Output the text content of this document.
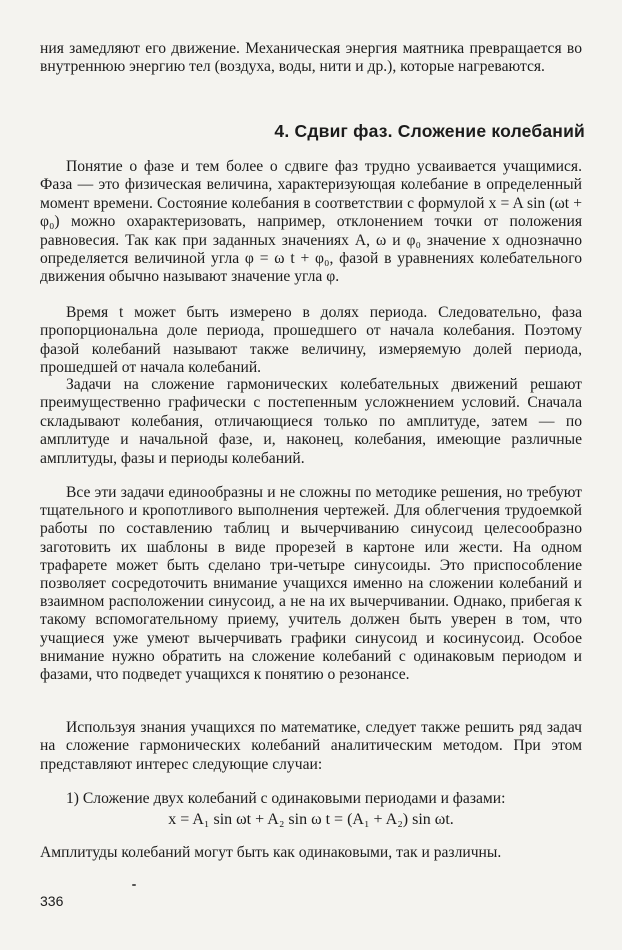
ния замедляют его движение. Механическая энергия маятника превращается во внутреннюю энергию тел (воздуха, воды, нити и др.), которые нагреваются.

4. Сдвиг фаз. Сложение колебаний

Понятие о фазе и тем более о сдвиге фаз трудно усваивается учащимися. Фаза — это физическая величина, характеризующая колебание в определенный момент времени. Состояние колебания в соответствии с формулой x = A sin (ωt + φ₀) можно охарактеризовать, например, отклонением точки от положения равновесия. Так как при заданных значениях A, ω и φ₀ значение x однозначно определяется величиной угла φ = ω t + φ₀, фазой в уравнениях колебательного движения обычно называют значение угла φ.

Время t может быть измерено в долях периода. Следовательно, фаза пропорциональна доле периода, прошедшего от начала колебания. Поэтому фазой колебаний называют также величину, измеряемую долей периода, прошедшей от начала колебаний.

Задачи на сложение гармонических колебательных движений решают преимущественно графически с постепенным усложнением условий. Сначала складывают колебания, отличающиеся только по амплитуде, затем — по амплитуде и начальной фазе, и, наконец, колебания, имеющие различные амплитуды, фазы и периоды колебаний.

Все эти задачи единообразны и не сложны по методике решения, но требуют тщательного и кропотливого выполнения чертежей. Для облегчения трудоемкой работы по составлению таблиц и вычерчиванию синусоид целесообразно заготовить их шаблоны в виде прорезей в картоне или жести. На одном трафарете может быть сделано три-четыре синусоиды. Это приспособление позволяет сосредоточить внимание учащихся именно на сложении колебаний и взаимном расположении синусоид, а не на их вычерчивании. Однако, прибегая к такому вспомогательному приему, учитель должен быть уверен в том, что учащиеся уже умеют вычерчивать графики синусоид и косинусоид. Особое внимание нужно обратить на сложение колебаний с одинаковым периодом и фазами, что подведет учащихся к понятию о резонансе.

Используя знания учащихся по математике, следует также решить ряд задач на сложение гармонических колебаний аналитическим методом. При этом представляют интерес следующие случаи:

1) Сложение двух колебаний с одинаковыми периодами и фазами:

x = A₁ sin ωt + A₂ sin ω t = (A₁ + A₂) sin ωt.

Амплитуды колебаний могут быть как одинаковыми, так и различны.

336
